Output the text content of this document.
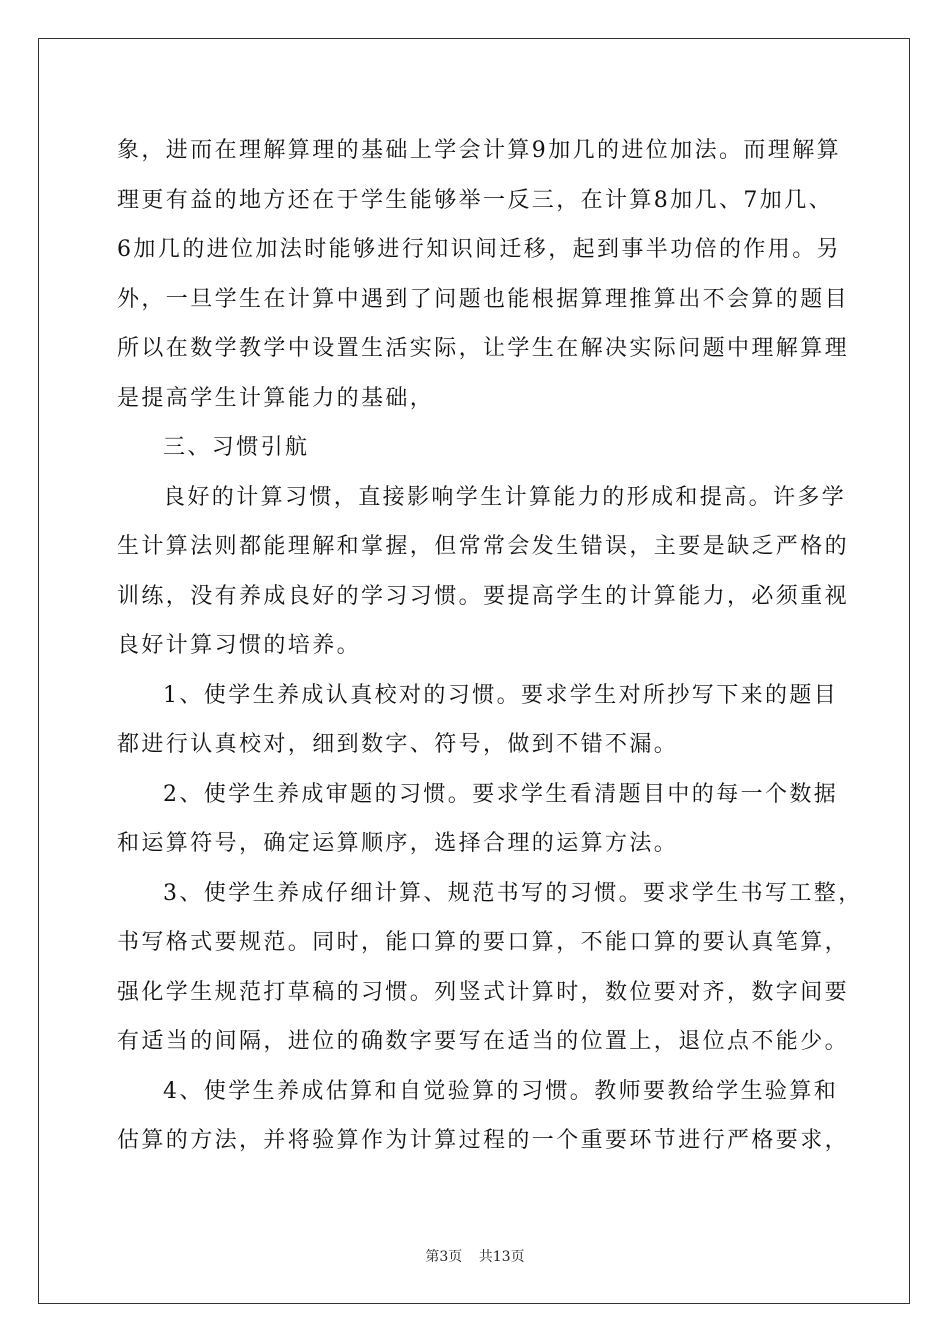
象，进而在理解算理的基础上学会计算9加几的进位加法。而理解算
理更有益的地方还在于学生能够举一反三，在计算8加几、7加几、
6加几的进位加法时能够进行知识间迁移，起到事半功倍的作用。另
外，一旦学生在计算中遇到了问题也能根据算理推算出不会算的题目
所以在数学教学中设置生活实际，让学生在解决实际问题中理解算理
是提高学生计算能力的基础，
三、习惯引航
良好的计算习惯，直接影响学生计算能力的形成和提高。许多学
生计算法则都能理解和掌握，但常常会发生错误，主要是缺乏严格的
训练，没有养成良好的学习习惯。要提高学生的计算能力，必须重视
良好计算习惯的培养。
1、使学生养成认真校对的习惯。要求学生对所抄写下来的题目
都进行认真校对，细到数字、符号，做到不错不漏。
2、使学生养成审题的习惯。要求学生看清题目中的每一个数据
和运算符号，确定运算顺序，选择合理的运算方法。
3、使学生养成仔细计算、规范书写的习惯。要求学生书写工整，
书写格式要规范。同时，能口算的要口算，不能口算的要认真笔算，
强化学生规范打草稿的习惯。列竖式计算时，数位要对齐，数字间要
有适当的间隔，进位的确数字要写在适当的位置上，退位点不能少。
4、使学生养成估算和自觉验算的习惯。教师要教给学生验算和
估算的方法，并将验算作为计算过程的一个重要环节进行严格要求，
第3页 共13页
